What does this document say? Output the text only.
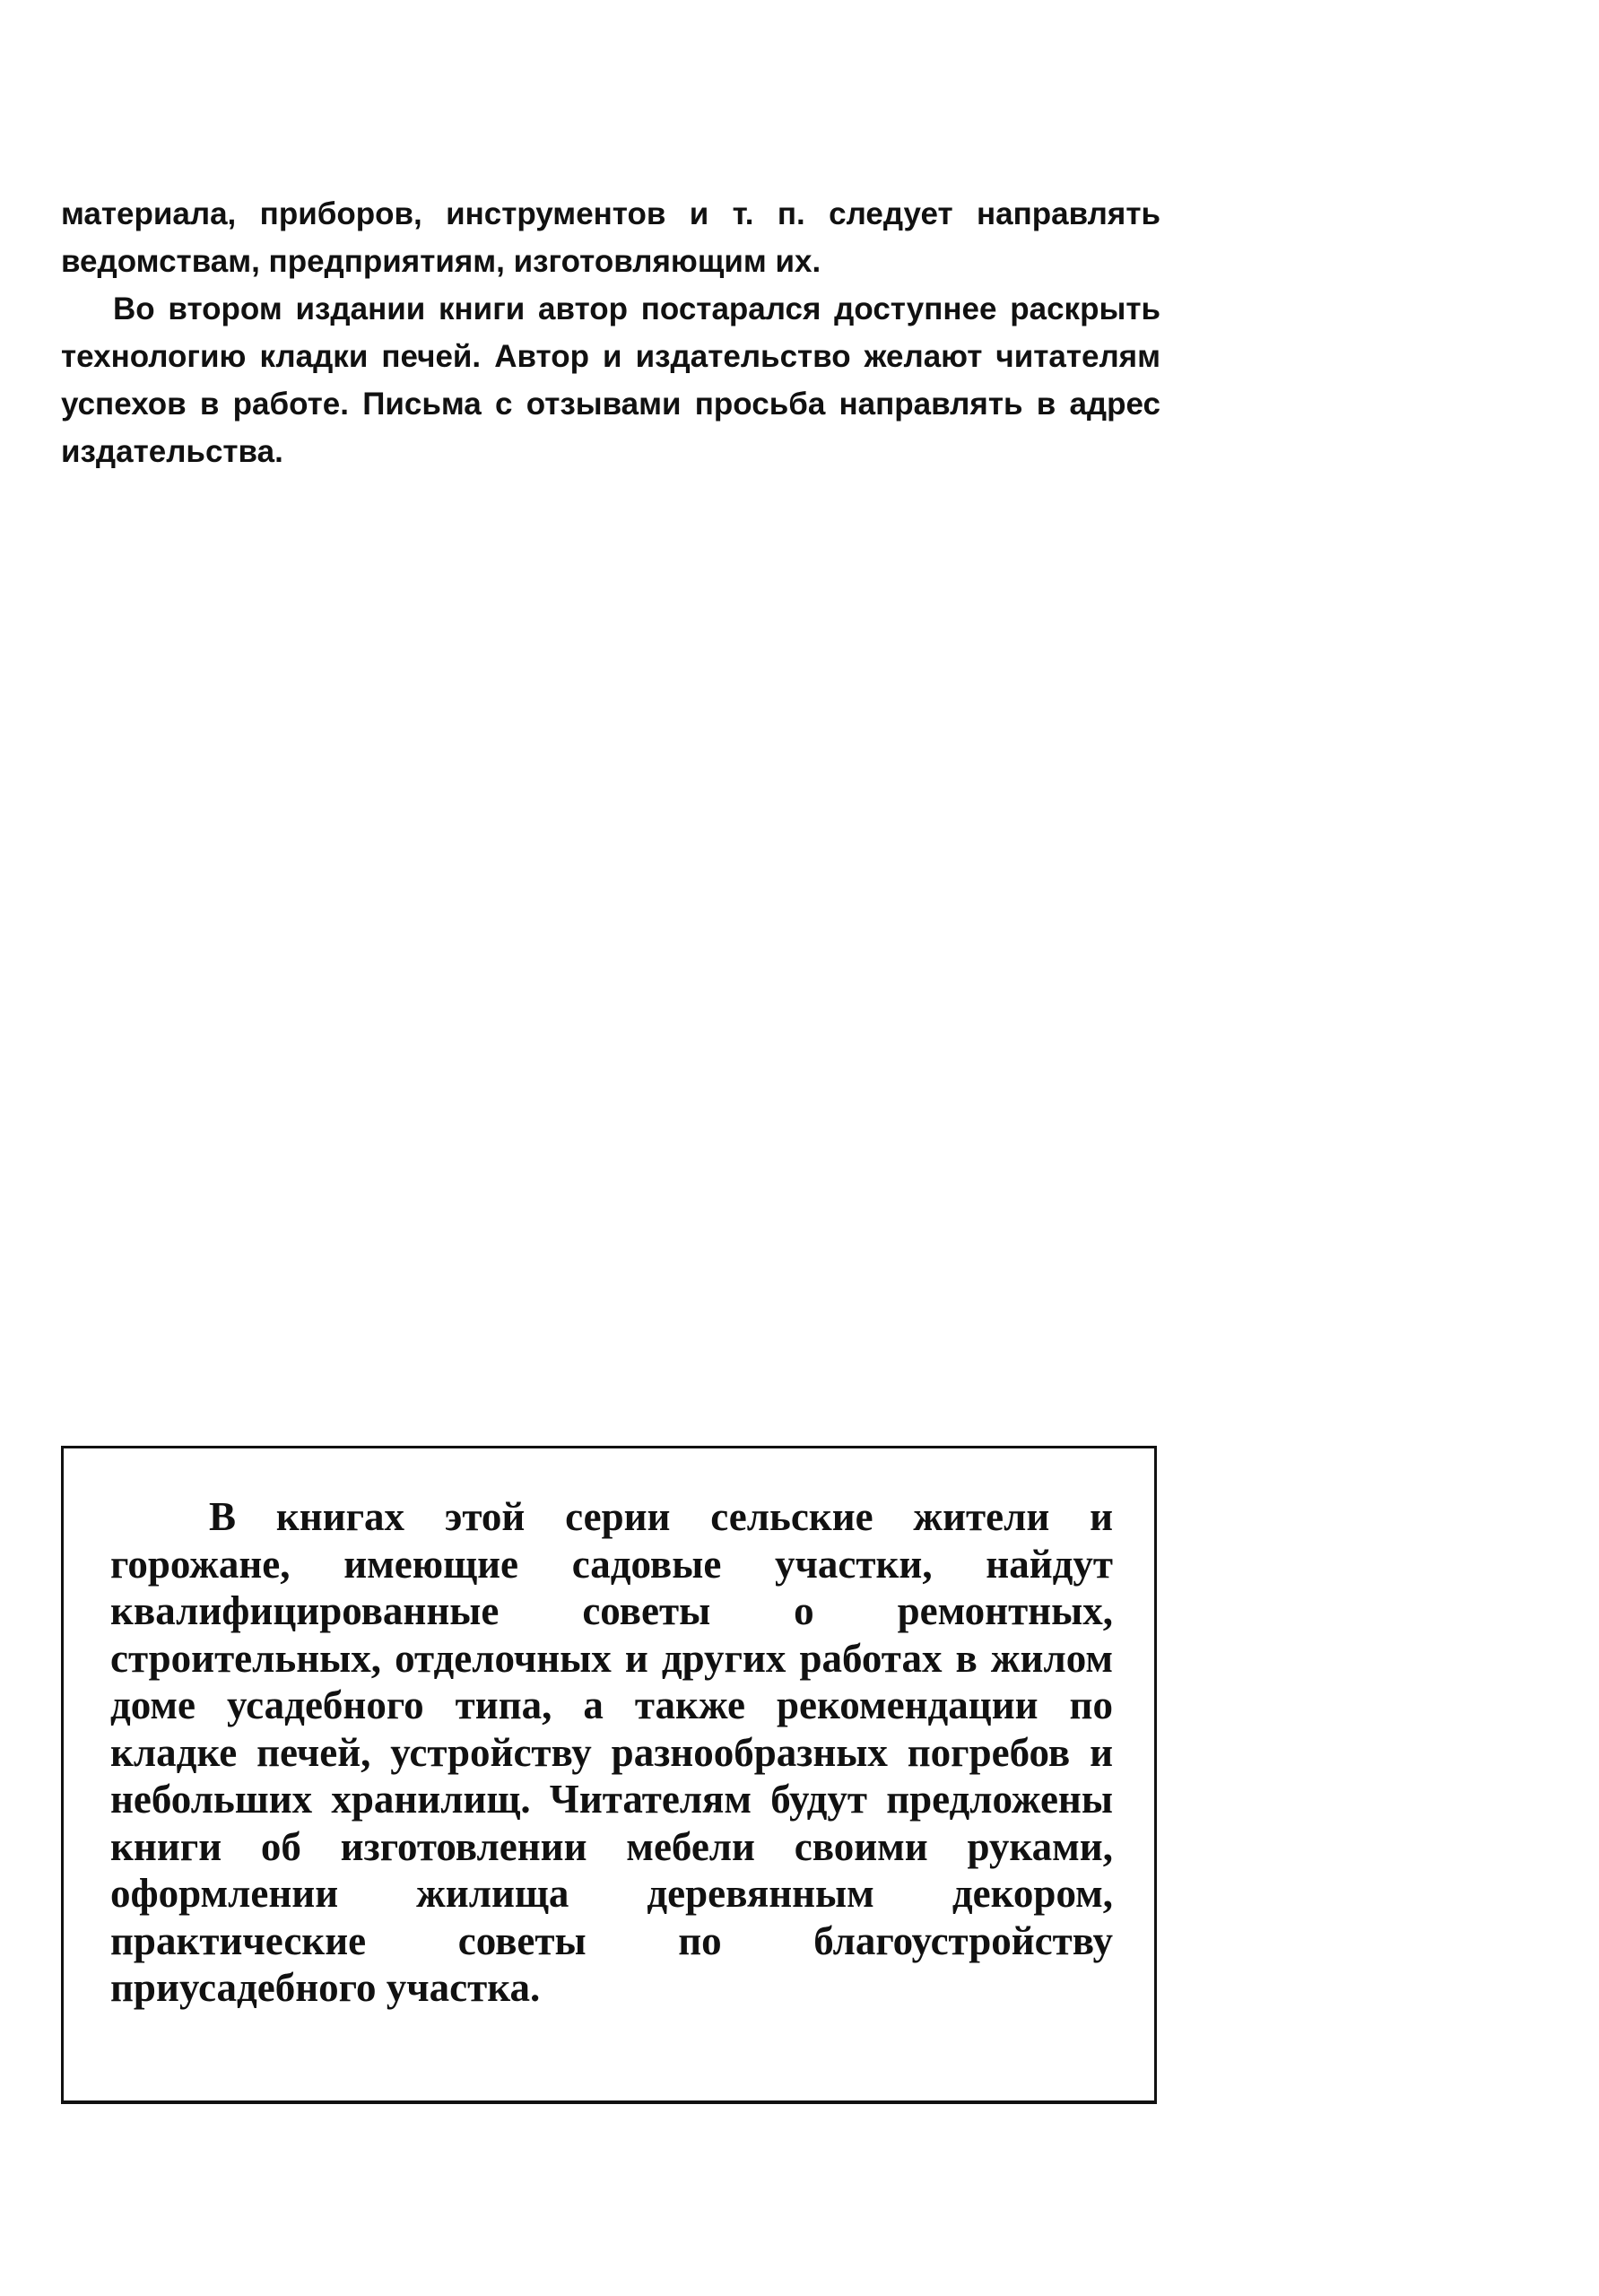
материала, приборов, инструментов и т. п. следует направлять ведомствам, предприятиям, изготовляющим их.

Во втором издании книги автор постарался доступнее раскрыть технологию кладки печей. Автор и издательство желают читателям успехов в работе. Письма с отзывами просьба направлять в адрес издательства.

В книгах этой серии сельские жители и горожане, имеющие садовые участки, найдут квалифицированные советы о ремонтных, строительных, отделочных и других работах в жилом доме усадебного типа, а также рекомендации по кладке печей, устройству разнообразных погребов и небольших хранилищ. Читателям будут предложены книги об изготовлении мебели своими руками, оформлении жилища деревянным декором, практические советы по благоустройству приусадебного участка.
